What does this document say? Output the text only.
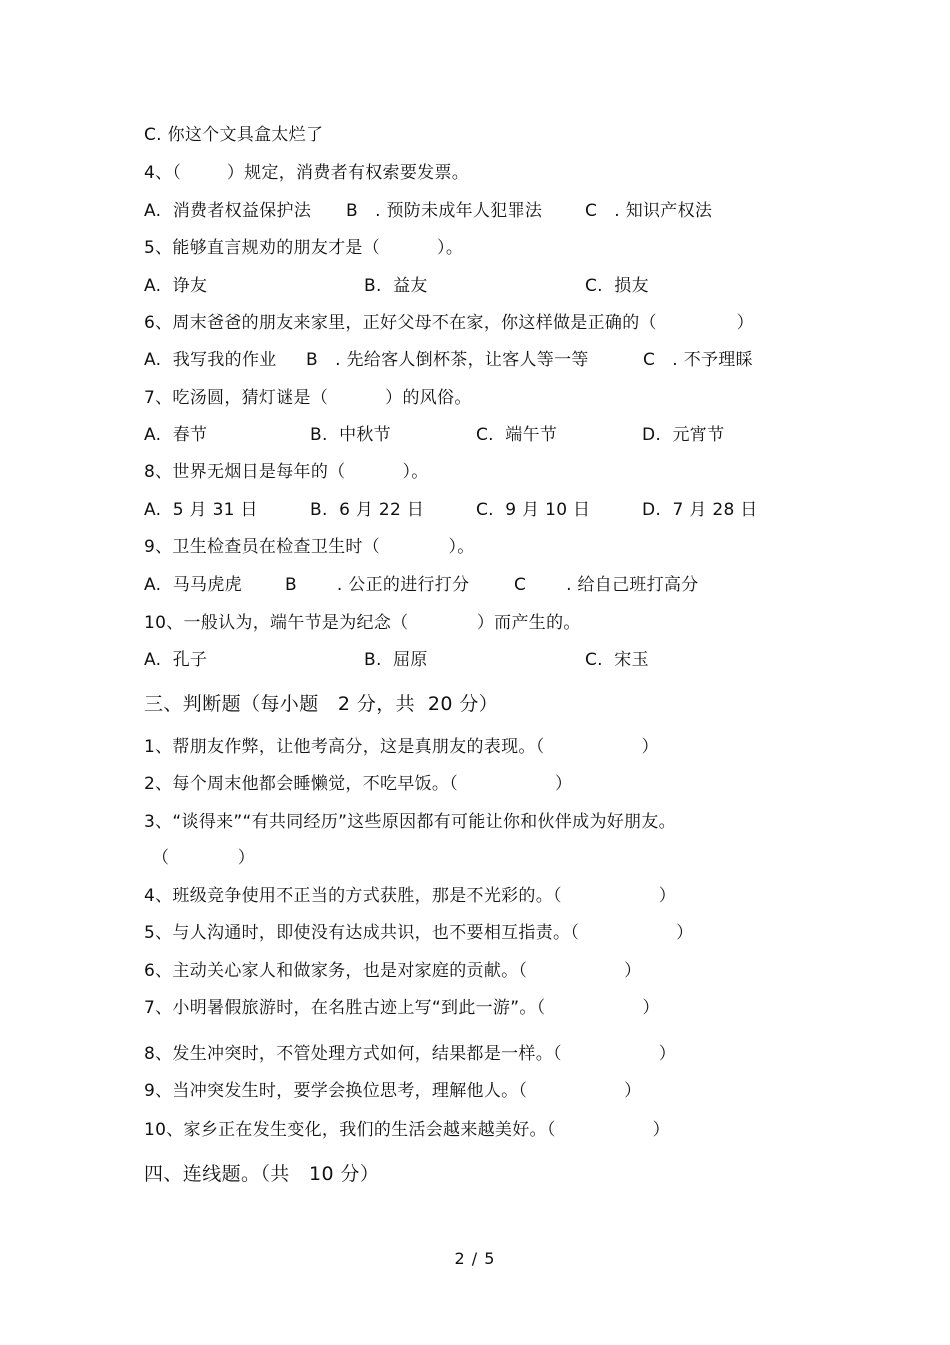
C. 你这个文具盒太烂了
4、（        ）规定，消费者有权索要发票。
A.  消费者权益保护法 B   . 预防未成年人犯罪法	C   . 知识产权法
5、能够直言规劝的朋友才是（          ）。
A.  诤友	B.  益友	C.  损友
6、周末爸爸的朋友来家里，正好父母不在家，你这样做是正确的（              ）
A.  我写我的作业 B   . 先给客人倒杯茶，让客人等一等	C   . 不予理睬
7、吃汤圆，猜灯谜是（          ）的风俗。
A.  春节	B.  中秋节	C.  端午节	D.  元宵节
8、世界无烟日是每年的（          ）。
A.  5 月 31 日	B.  6 月 22 日	C.  9 月 10 日	D.  7 月 28 日
9、卫生检查员在检查卫生时（            ）。
A.  马马虎虎	B       . 公正的进行打分	C       . 给自己班打高分
10、一般认为，端午节是为纪念（            ）而产生的。
A.  孔子	B.  屈原	C.  宋玉
三、判断题（每小题   2 分，共  20 分）
1、帮朋友作弊，让他考高分，这是真朋友的表现。（                 ）
2、每个周末他都会睡懒觉，不吃早饭。（                 ）
3、“谈得来”“有共同经历”这些原因都有可能让你和伙伴成为好朋友。
（            ）
4、班级竞争使用不正当的方式获胜，那是不光彩的。（                 ）
5、与人沟通时，即使没有达成共识，也不要相互指责。（                 ）
6、主动关心家人和做家务，也是对家庭的贡献。（                 ）
7、小明暑假旅游时，在名胜古迹上写“到此一游”。（                 ）
8、发生冲突时，不管处理方式如何，结果都是一样。（                 ）
9、当冲突发生时，要学会换位思考，理解他人。（                 ）
10、家乡正在发生变化，我们的生活会越来越美好。（                 ）
四、连线题。（共   10 分）
2 / 5
